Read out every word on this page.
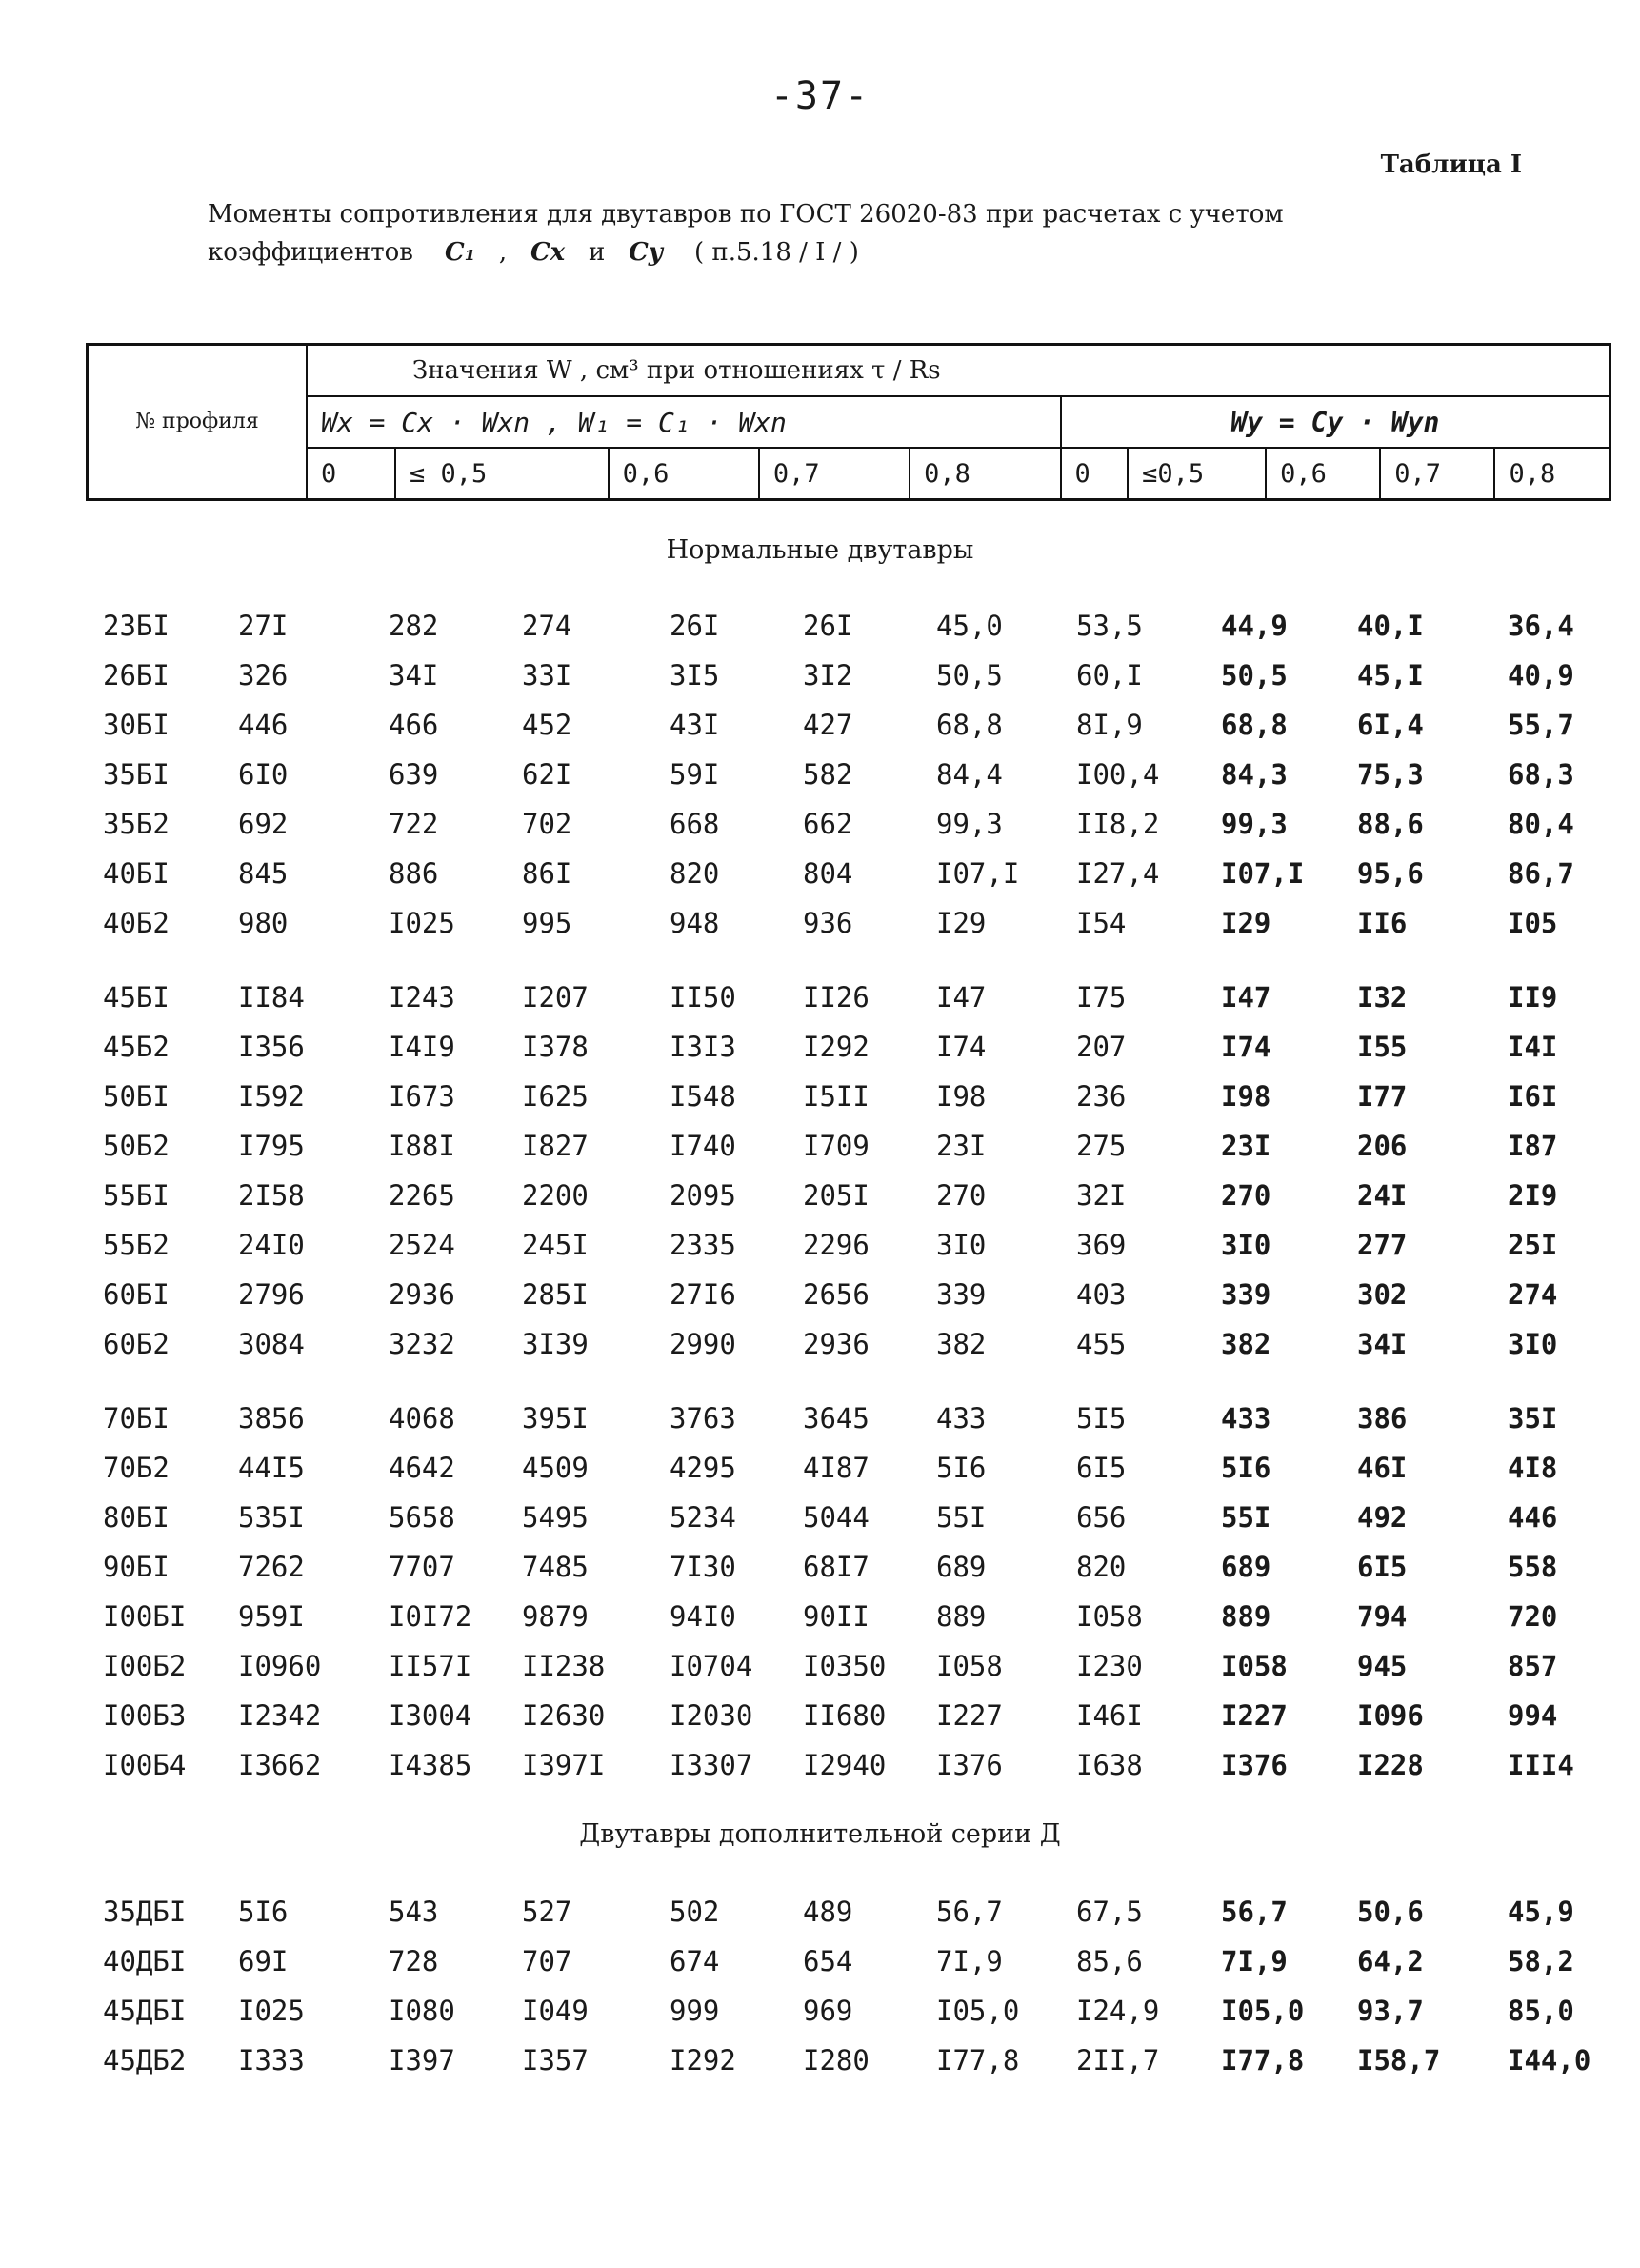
-37-
Таблица I
Моменты сопротивления для двутавров по ГОСТ 26020-83 при расчетах с учетом
коэффициентов C₁ , Cx и Cy ( п.5.18 / I / )
№ профиля	Значения W , см³ при отношениях τ / Rs									
	Wx = Cx · Wxn , W₁ = C₁ · Wxn					Wy = Cy · Wyn				
	0	≤ 0,5	0,6	0,7	0,8	0	≤0,5	0,6	0,7	0,8
Нормальные двутавры
Двутавры дополнительной серии Д
23БI 27I	282	274	26I	26I	45,0	53,5	44,9	40,I	36,4
26БI 326	34I	33I	3I5	3I2	50,5	60,I	50,5	45,I	40,9
30БI 446	466	452	43I	427	68,8	8I,9	68,8	6I,4	55,7
35БI 6I0	639	62I	59I	582	84,4	I00,4 84,3	75,3	68,3
35Б2 692	722	702	668	662	99,3	II8,2 99,3	88,6	80,4
40БI 845	886	86I	820	804	I07,I I27,4 I07,I 95,6	86,7
40Б2 980	I025 995	948	936	I29	I54	I29	II6	I05
45БI II84	I243 I207	II50 II26 I47	I75	I47	I32	II9
45Б2 I356	I4I9 I378	I3I3 I292 I74	207	I74	I55	I4I
50БI I592	I673 I625	I548 I5II I98	236	I98	I77	I6I
50Б2 I795	I88I I827	I740 I709 23I	275	23I	206	I87
55БI 2I58	2265 2200	2095 205I 270	32I	270	24I	2I9
55Б2 24I0	2524 245I	2335 2296 3I0	369	3I0	277	25I
60БI 2796	2936 285I	27I6 2656 339	403	339	302	274
60Б2 3084	3232 3I39	2990 2936 382	455	382	34I	3I0
70БI 3856	4068 395I	3763 3645 433	5I5	433	386	35I
70Б2 44I5	4642 4509	4295 4I87 5I6	6I5	5I6	46I	4I8
80БI 535I	5658 5495	5234 5044 55I	656	55I	492	446
90БI 7262	7707 7485	7I30 68I7 689	820	689	6I5	558
I00БI 959I	I0I72 9879	94I0 90II 889	I058	889	794	720
I00Б2 I0960 II57I II238 I0704 I0350 I058	I230	I058	945	857
I00Б3 I2342 I3004 I2630 I2030 II680 I227	I46I	I227	I096	994
I00Б4 I3662 I4385 I397I I3307 I2940 I376	I638	I376	I228	III4
35ДБI 5I6	543	527	502	489	56,7	67,5	56,7	50,6	45,9
40ДБI 69I	728	707	674	654	7I,9	85,6	7I,9	64,2	58,2
45ДБI I025	I080 I049	999	969	I05,0 I24,9 I05,0 93,7	85,0
45ДБ2 I333	I397 I357	I292 I280 I77,8 2II,7 I77,8 I58,7 I44,0
